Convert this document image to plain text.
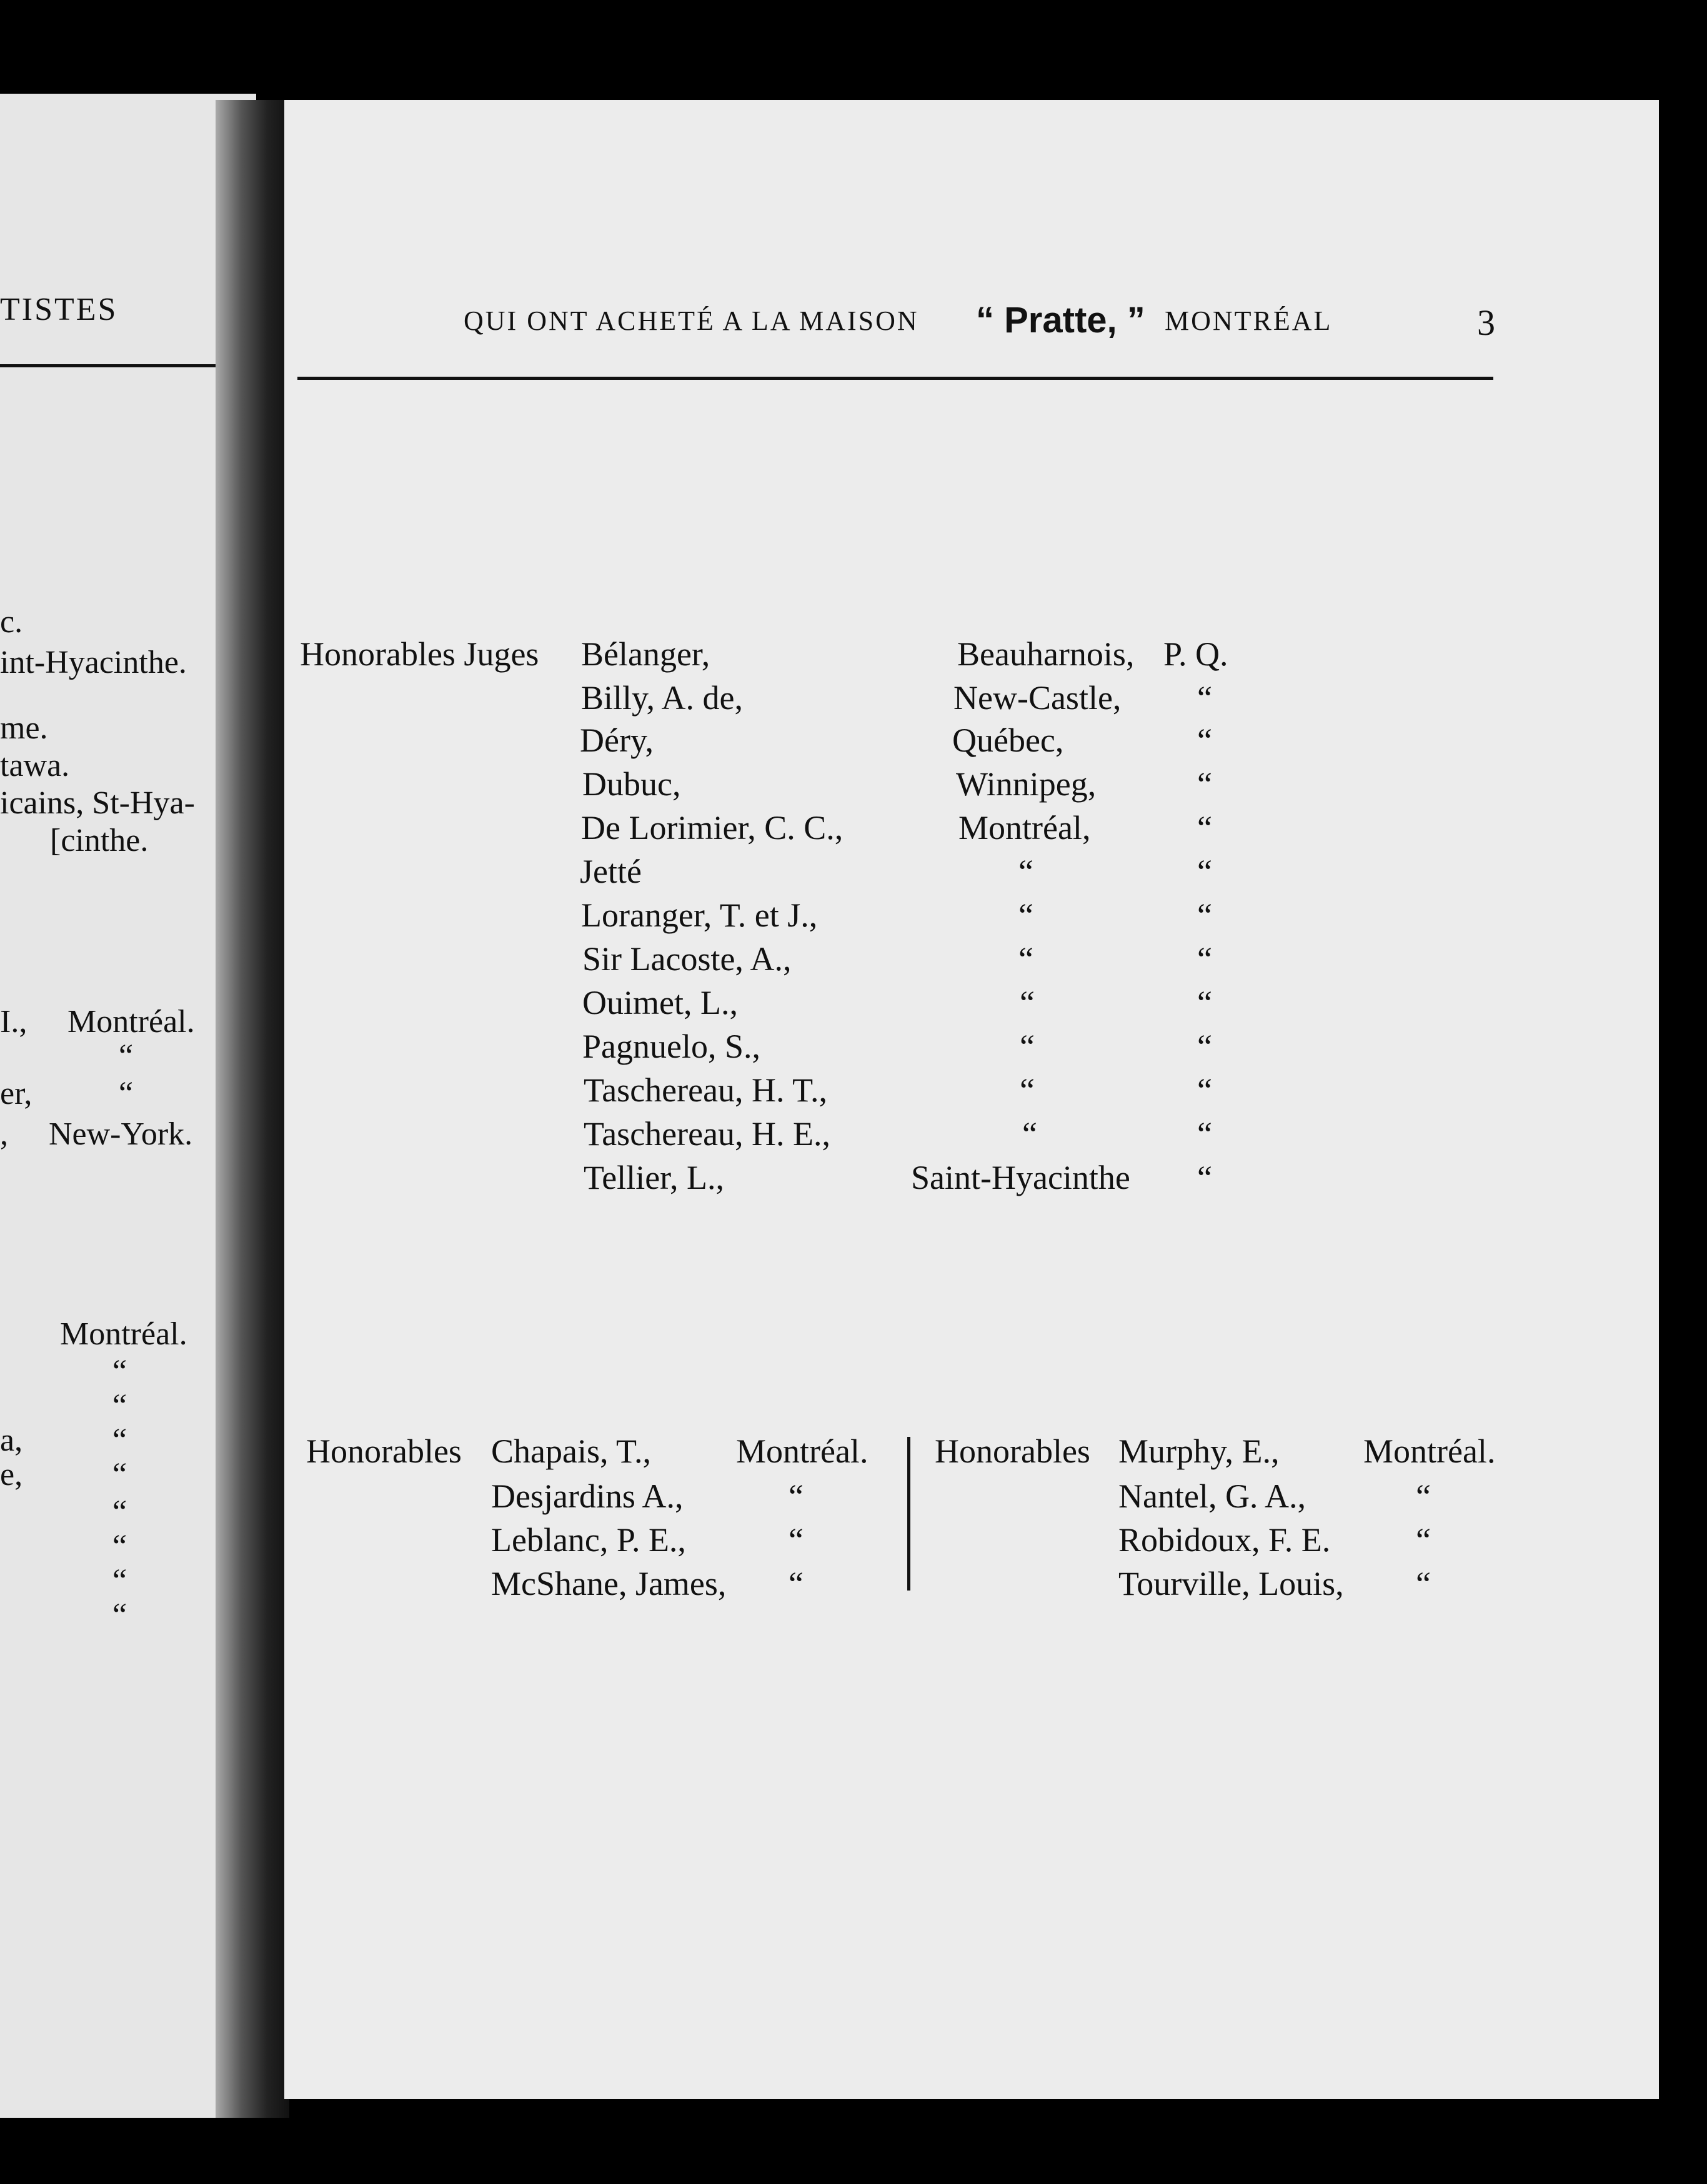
TISTES
c.
int-Hyacinthe.
me.
tawa.
icains, St-Hya-
[cinthe.
I., Montréal.
“
er,	“
, New-York.
Montréal.
“
“
a,	“
e,	“
“
“
“
“
QUI ONT ACHETÉ A LA MAISON “ Pratte, ” MONTRÉAL	3
Honorables Juges Bélanger,	Beauharnois, P. Q.
Billy, A. de,	New-Castle, “
Déry,	Québec,	“
Dubuc,	Winnipeg,	“
De Lorimier, C. C.,	Montréal,	“
Jetté	“	“
Loranger, T. et J.,	“	“
Sir Lacoste, A.,	“	“
Ouimet, L.,	“	“
Pagnuelo, S.,	“	“
Taschereau, H. T.,	“	“
Taschereau, H. E.,	“	“
Tellier, L.,	Saint-Hyacinthe “
Honorables Chapais, T.,	Montréal.
Desjardins A.,	“
Leblanc, P. E.,	“
McShane, James, “
Honorables Murphy, E., Montréal.
Nantel, G. A.,	“
Robidoux, F. E.	“
Tourville, Louis, “
